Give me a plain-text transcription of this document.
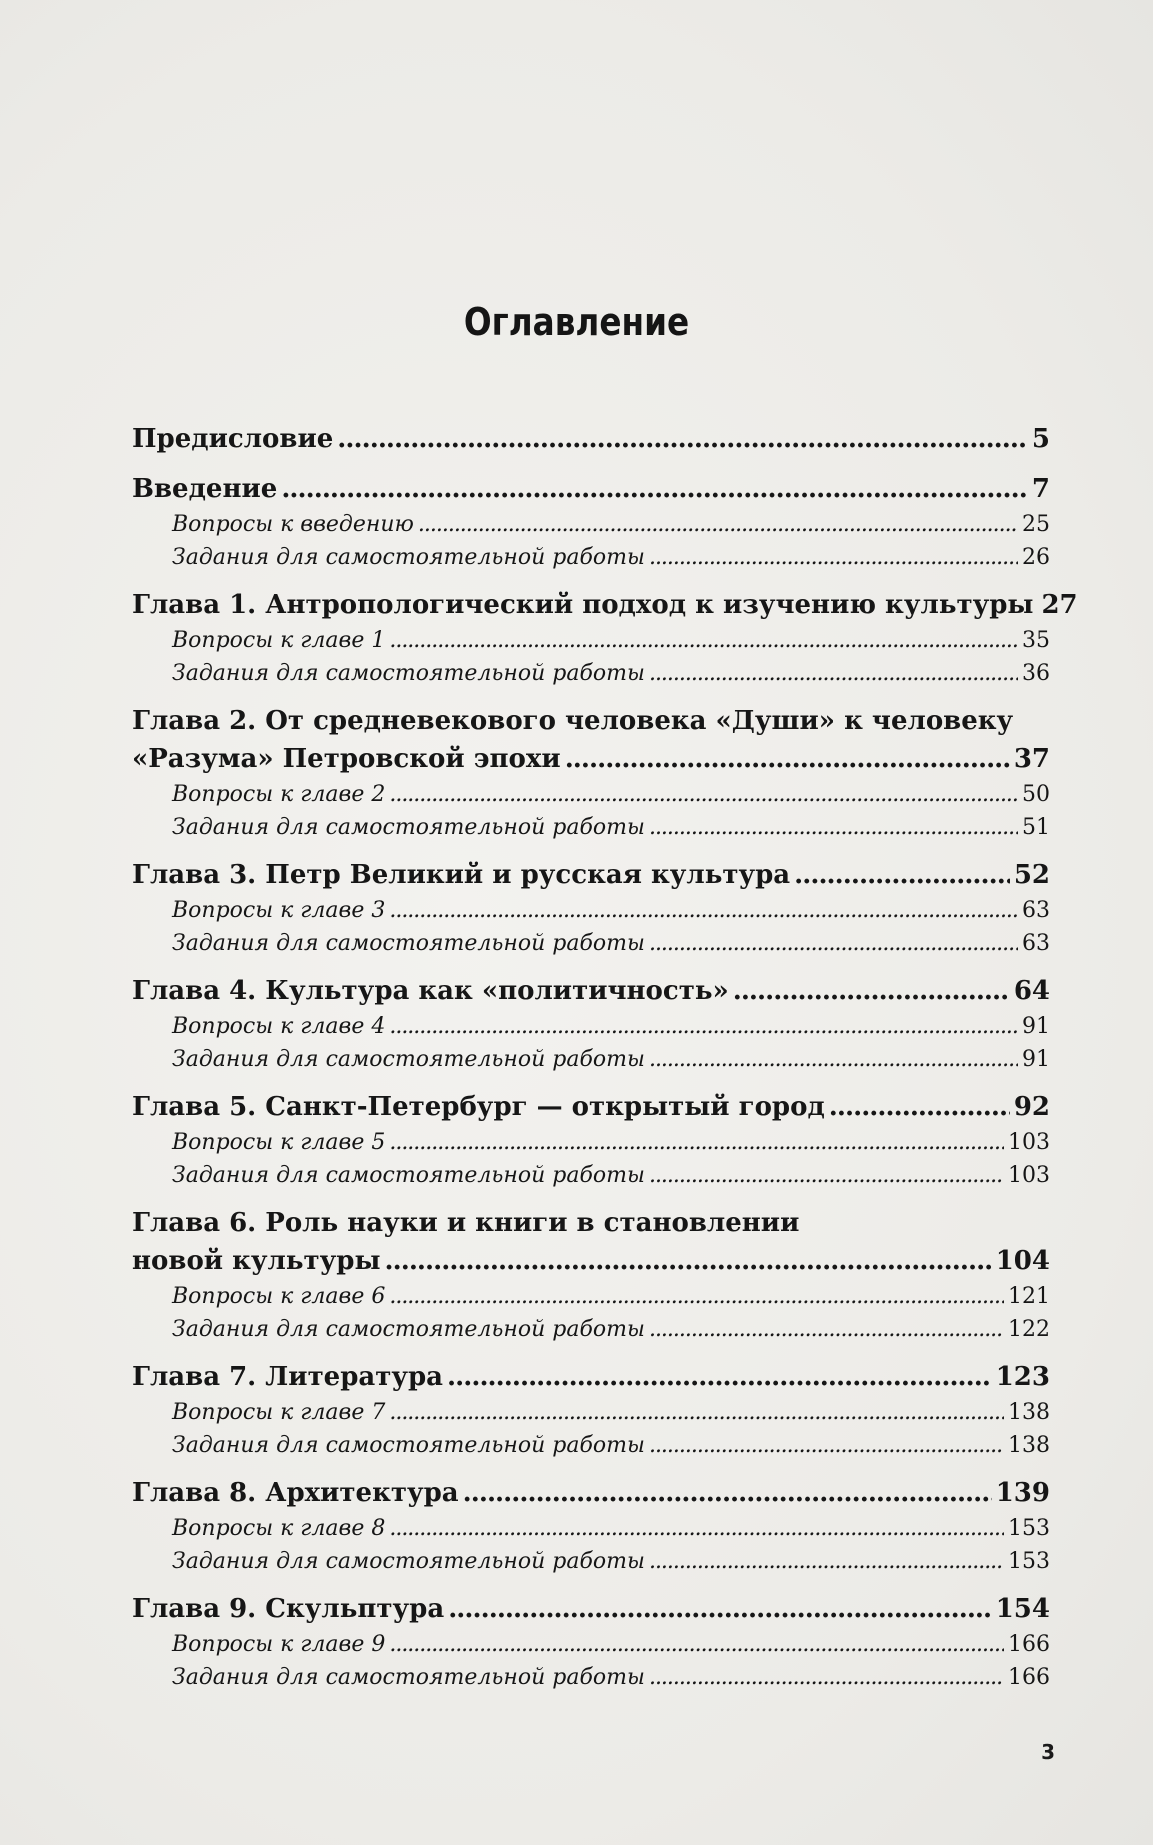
Оглавление
Предисловие . . .	5
Введение . . .	7
Вопросы к введению . . .	25
Задания для самостоятельной работы . . .	26
Глава 1. Антропологический подход к изучению культуры 27
Вопросы к главе 1 . . .	35
Задания для самостоятельной работы . . .	36
Глава 2. От средневекового человека «Души» к человеку
«Разума» Петровской эпохи . . .	37
Вопросы к главе 2 . . .	50
Задания для самостоятельной работы . . .	51
Глава 3. Петр Великий и русская культура . . .	52
Вопросы к главе 3 . . .	63
Задания для самостоятельной работы . . .	63
Глава 4. Культура как «политичность» . . .	64
Вопросы к главе 4 . . .	91
Задания для самостоятельной работы . . .	91
Глава 5. Санкт-Петербург — открытый город . . .	92
Вопросы к главе 5 . . .	103
Задания для самостоятельной работы . . .	103
Глава 6. Роль науки и книги в становлении
новой культуры . . .	104
Вопросы к главе 6 . . .	121
Задания для самостоятельной работы . . .	122
Глава 7. Литература . . .	123
Вопросы к главе 7 . . .	138
Задания для самостоятельной работы . . .	138
Глава 8. Архитектура . . .	139
Вопросы к главе 8 . . .	153
Задания для самостоятельной работы . . .	153
Глава 9. Скульптура . . .	154
Вопросы к главе 9 . . .	166
Задания для самостоятельной работы . . .	166
3
